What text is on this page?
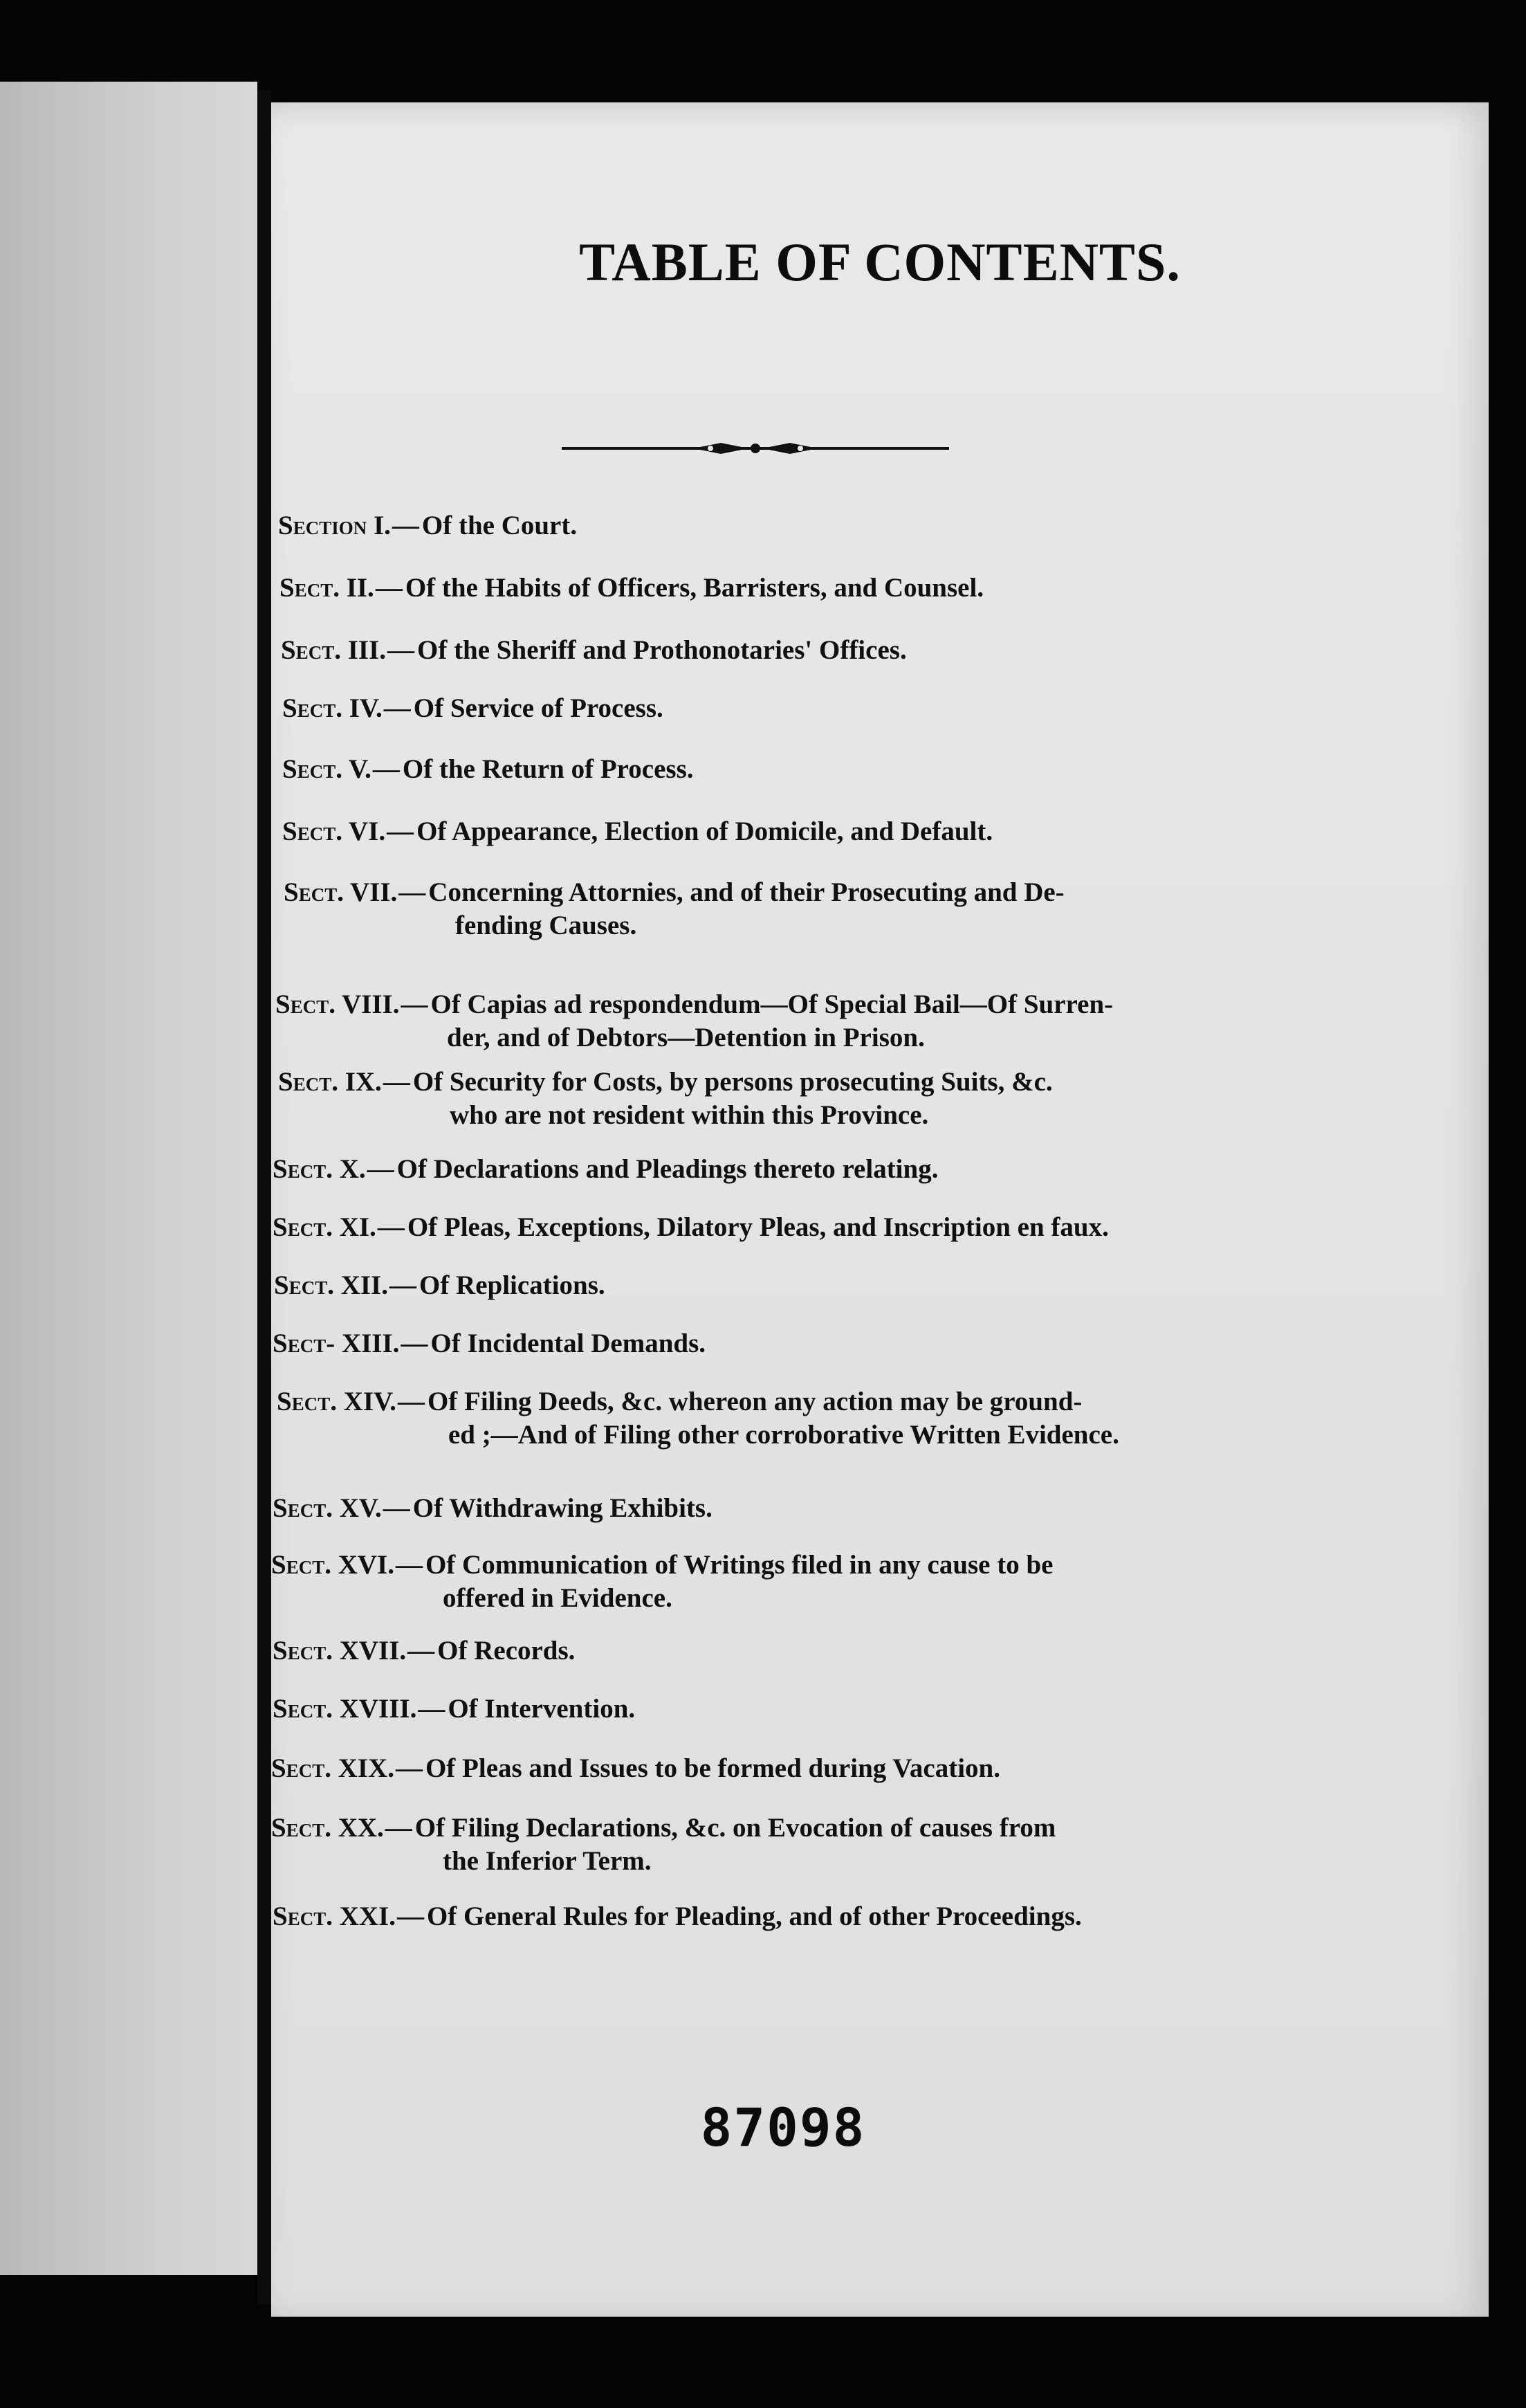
TABLE OF CONTENTS.
Section I.— Of the Court.
Sect. II.— Of the Habits of Officers, Barristers, and Counsel.
Sect. III.— Of the Sheriff and Prothonotaries' Offices.
Sect. IV.— Of Service of Process.
Sect. V.— Of the Return of Process.
Sect. VI.— Of Appearance, Election of Domicile, and Default.
Sect. VII.— Concerning Attornies, and of their Prosecuting and De-
fending Causes.
Sect. VIII.— Of Capias ad respondendum—Of Special Bail—Of Surren-
der, and of Debtors—Detention in Prison.
Sect. IX.— Of Security for Costs, by persons prosecuting Suits, &c.
who are not resident within this Province.
Sect. X.— Of Declarations and Pleadings thereto relating.
Sect. XI.— Of Pleas, Exceptions, Dilatory Pleas, and Inscription en faux.
Sect. XII.— Of Replications.
Sect- XIII.— Of Incidental Demands.
Sect. XIV.— Of Filing Deeds, &c. whereon any action may be ground-
ed ;—And of Filing other corroborative Written Evidence.
Sect. XV.— Of Withdrawing Exhibits.
Sect. XVI.— Of Communication of Writings filed in any cause to be
offered in Evidence.
Sect. XVII.— Of Records.
Sect. XVIII.— Of Intervention.
Sect. XIX.— Of Pleas and Issues to be formed during Vacation.
Sect. XX.— Of Filing Declarations, &c. on Evocation of causes from
the Inferior Term.
Sect. XXI.— Of General Rules for Pleading, and of other Proceedings.
87098
